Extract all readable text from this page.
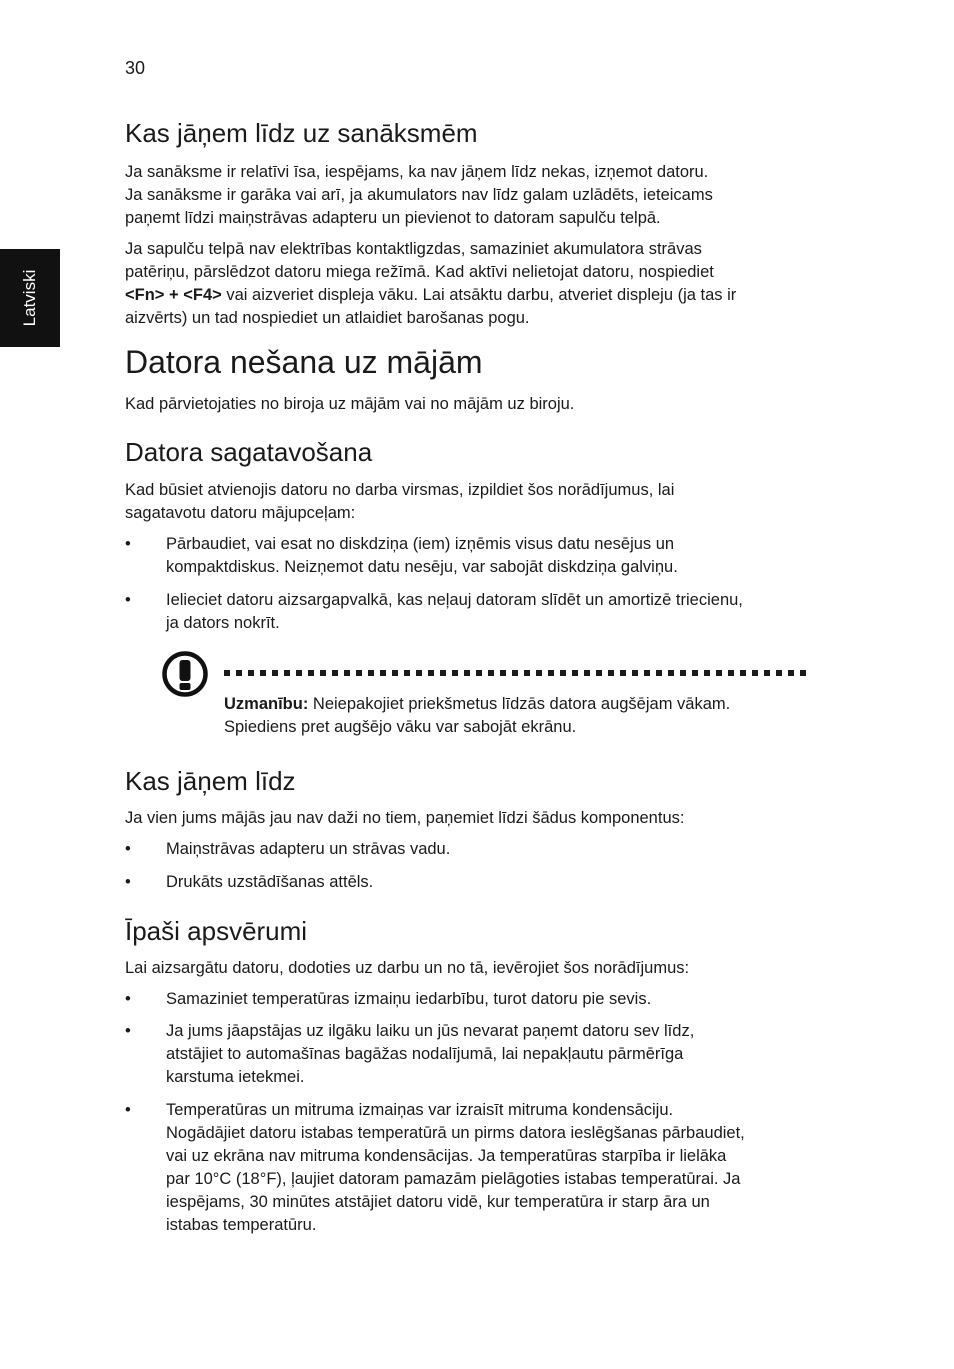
30
Latviski
Kas jāņem līdz uz sanāksmēm
Ja sanāksme ir relatīvi īsa, iespējams, ka nav jāņem līdz nekas, izņemot datoru.
Ja sanāksme ir garāka vai arī, ja akumulators nav līdz galam uzlādēts, ieteicams
paņemt līdzi maiņstrāvas adapteru un pievienot to datoram sapulču telpā.
Ja sapulču telpā nav elektrības kontaktligzdas, samaziniet akumulatora strāvas
patēriņu, pārslēdzot datoru miega režīmā. Kad aktīvi nelietojat datoru, nospiediet
<Fn> + <F4> vai aizveriet displeja vāku. Lai atsāktu darbu, atveriet displeju (ja tas ir
aizvērts) un tad nospiediet un atlaidiet barošanas pogu.
Datora nešana uz mājām
Kad pārvietojaties no biroja uz mājām vai no mājām uz biroju.
Datora sagatavošana
Kad būsiet atvienojis datoru no darba virsmas, izpildiet šos norādījumus, lai
sagatavotu datoru mājupceļam:
•	Pārbaudiet, vai esat no diskdziņa (iem) izņēmis visus datu nesējus un
kompaktdiskus. Neizņemot datu nesēju, var sabojāt diskdziņa galviņu.
•	Ielieciet datoru aizsargapvalkā, kas neļauj datoram slīdēt un amortizē triecienu,
ja dators nokrīt.
Kas jāņem līdz
Ja vien jums mājās jau nav daži no tiem, paņemiet līdzi šādus komponentus:
•	Maiņstrāvas adapteru un strāvas vadu.
•	Drukāts uzstādīšanas attēls.
Īpaši apsvērumi
Lai aizsargātu datoru, dodoties uz darbu un no tā, ievērojiet šos norādījumus:
•	Samaziniet temperatūras izmaiņu iedarbību, turot datoru pie sevis.
•	Ja jums jāapstājas uz ilgāku laiku un jūs nevarat paņemt datoru sev līdz,
atstājiet to automašīnas bagāžas nodalījumā, lai nepakļautu pārmērīga
karstuma ietekmei.
•	Temperatūras un mitruma izmaiņas var izraisīt mitruma kondensāciju.
Nogādājiet datoru istabas temperatūrā un pirms datora ieslēgšanas pārbaudiet,
vai uz ekrāna nav mitruma kondensācijas. Ja temperatūras starpība ir lielāka
par 10°C (18°F), ļaujiet datoram pamazām pielāgoties istabas temperatūrai. Ja
iespējams, 30 minūtes atstājiet datoru vidē, kur temperatūra ir starp āra un
istabas temperatūru.
Uzmanību: Neiepakojiet priekšmetus līdzās datora augšējam vākam.
Spiediens pret augšējo vāku var sabojāt ekrānu.
